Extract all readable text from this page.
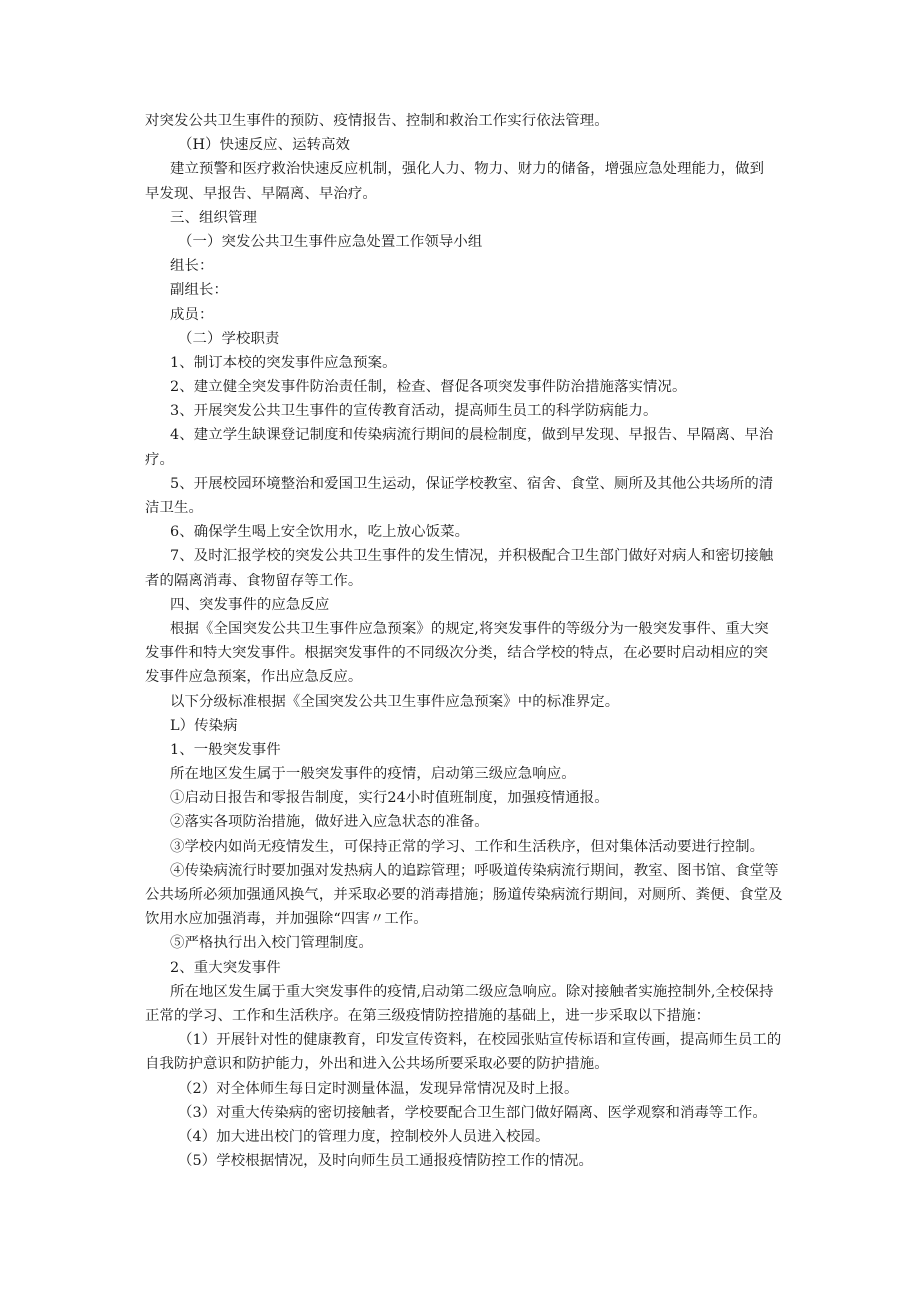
对突发公共卫生事件的预防、疫情报告、控制和救治工作实行依法管理。
（H）快速反应、运转高效
建立预警和医疗救治快速反应机制，强化人力、物力、财力的储备，增强应急处理能力，做到
早发现、早报告、早隔离、早治疗。
三、组织管理
（一）突发公共卫生事件应急处置工作领导小组
组长：
副组长：
成员：
（二）学校职责
1、制订本校的突发事件应急预案。
2、建立健全突发事件防治责任制，检查、督促各项突发事件防治措施落实情况。
3、开展突发公共卫生事件的宣传教育活动，提高师生员工的科学防病能力。
4、建立学生缺课登记制度和传染病流行期间的晨检制度，做到早发现、早报告、早隔离、早治
疗。
5、开展校园环境整治和爱国卫生运动，保证学校教室、宿舍、食堂、厕所及其他公共场所的清
洁卫生。
6、确保学生喝上安全饮用水，吃上放心饭菜。
7、及时汇报学校的突发公共卫生事件的发生情况，并积极配合卫生部门做好对病人和密切接触
者的隔离消毒、食物留存等工作。
四、突发事件的应急反应
根据《全国突发公共卫生事件应急预案》的规定,将突发事件的等级分为一般突发事件、重大突
发事件和特大突发事件。根据突发事件的不同级次分类，结合学校的特点，在必要时启动相应的突
发事件应急预案，作出应急反应。
以下分级标准根据《全国突发公共卫生事件应急预案》中的标准界定。
L）传染病
1、一般突发事件
所在地区发生属于一般突发事件的疫情，启动第三级应急响应。
①启动日报告和零报告制度，实行24小时值班制度，加强疫情通报。
②落实各项防治措施，做好进入应急状态的准备。
③学校内如尚无疫情发生，可保持正常的学习、工作和生活秩序，但对集体活动要进行控制。
④传染病流行时要加强对发热病人的追踪管理；呼吸道传染病流行期间，教室、图书馆、食堂等
公共场所必须加强通风换气，并采取必要的消毒措施；肠道传染病流行期间，对厕所、粪便、食堂及
饮用水应加强消毒，并加强除“四害〃工作。
⑤严格执行出入校门管理制度。
2、重大突发事件
所在地区发生属于重大突发事件的疫情,启动第二级应急响应。除对接触者实施控制外,全校保持
正常的学习、工作和生活秩序。在第三级疫情防控措施的基础上，进一步采取以下措施：
（1）开展针对性的健康教育，印发宣传资料，在校园张贴宣传标语和宣传画，提高师生员工的
自我防护意识和防护能力，外出和进入公共场所要采取必要的防护措施。
（2）对全体师生每日定时测量体温，发现异常情况及时上报。
（3）对重大传染病的密切接触者，学校要配合卫生部门做好隔离、医学观察和消毒等工作。
（4）加大进出校门的管理力度，控制校外人员进入校园。
（5）学校根据情况，及时向师生员工通报疫情防控工作的情况。
